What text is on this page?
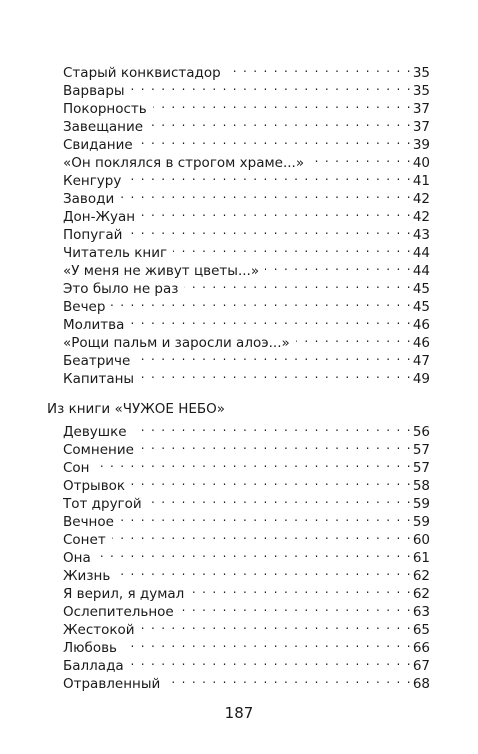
Старый конквистадор . . .	35
Варвары . . .	35
Покорность . . .	37
Завещание . . .	37
Свидание . . .	39
«Он поклялся в строгом храме...» . . .	40
Кенгуру . . .	41
Заводи . . .	42
Дон-Жуан . . .	42
Попугай . . .	43
Читатель книг . . .	44
«У меня не живут цветы...» . . .	44
Это было не раз . . .	45
Вечер . . .	45
Молитва . . .	46
«Рощи пальм и заросли алоэ...» . . .	46
Беатриче . . .	47
Капитаны . . .	49
Из книги «ЧУЖОЕ НЕБО»
Девушке . . .	56
Сомнение . . .	57
Сон . . .	57
Отрывок . . .	58
Тот другой . . .	59
Вечное . . .	59
Сонет . . .	60
Она . . .	61
Жизнь . . .	62
Я верил, я думал . . .	62
Ослепительное . . .	63
Жестокой . . .	65
Любовь . . .	66
Баллада . . .	67
Отравленный . . .	68
187
